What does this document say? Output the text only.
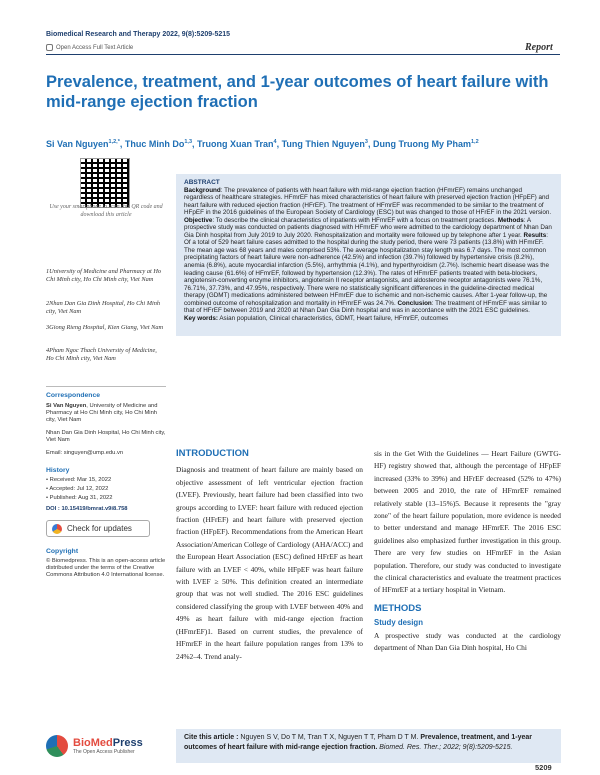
Biomedical Research and Therapy 2022, 9(8):5209-5215
Open Access Full Text Article	Report
Prevalence, treatment, and 1-year outcomes of heart failure with mid-range ejection fraction
Si Van Nguyen$^{1,2,*}$, Thuc Minh Do$^{1,3}$, Truong Xuan Tran$^4$, Tung Thien Nguyen$^3$, Dung Truong My Pham$^{1,2}$
Use your smartphone to scan this QR code and download this article
ABSTRACT
Background: The prevalence of patients with heart failure with mid-range ejection fraction (HFmrEF) remains unchanged regardless of healthcare strategies. HFmrEF has mixed characteristics of heart failure with preserved ejection fraction (HFpEF) and heart failure with reduced ejection fraction (HFrEF). The treatment of HFmrEF was recommended to be similar to the treatment of HFpEF in the 2016 guidelines of the European Society of Cardiology (ESC) but was changed to those of HFrEF in the 2021 version. Objective: To describe the clinical characteristics of inpatients with HFmrEF with a focus on treatment practices. Methods: A prospective study was conducted on patients diagnosed with HFmrEF who were admitted to the cardiology department of Nhan Dan Gia Dinh hospital from July 2019 to July 2020. Rehospitalization and mortality were followed up by telephone after 1 year. Results: Of a total of 529 heart failure cases admitted to the hospital during the study period, there were 73 patients (13.8%) with HFmrEF. The mean age was 68 years and males comprised 53%. The average hospitalization stay length was 6.7 days. The most common precipitating factors of heart failure were non-adherence (42.5%) and infection (39.7%) followed by hypertensive crisis (8.2%), anemia (6.8%), acute myocardial infarction (5.5%), arrhythmia (4.1%), and hyperthyroidism (2.7%). Ischemic heart disease was the leading cause (61.6%) of HFmrEF, followed by hypertension (12.3%). The rates of HFmrEF patients treated with beta-blockers, angiotensin-converting enzyme inhibitors, angiotensin II receptor antagonists, and aldosterone receptor antagonists were 76.1%, 76.71%, 37.73%, and 47.95%, respectively. There were no statistically significant differences in the guideline-directed medical therapy (GDMT) medications administered between HFmrEF due to ischemic and non-ischemic causes. After 1-year follow-up, the combined outcome of rehospitalization and mortality in HFmrEF was 24.7%. Conclusion: The treatment of HFmrEF was similar to that of HFrEF between 2019 and 2020 at Nhan Dan Gia Dinh hospital and was in accordance with the 2021 ESC guidelines.
Key words: Asian population, Clinical characteristics, GDMT, Heart failure, HFmrEF, outcomes
1University of Medicine and Pharmacy at Ho Chi Minh city, Ho Chi Minh city, Viet Nam
2Nhan Dan Gia Dinh Hospital, Ho Chi Minh city, Viet Nam
3Giong Rieng Hospital, Kien Giang, Viet Nam
4Pham Ngoc Thach University of Medicine, Ho Chi Minh city, Viet Nam
Correspondence
Si Van Nguyen, University of Medicine and Pharmacy at Ho Chi Minh city, Ho Chi Minh city, Viet Nam
Nhan Dan Gia Dinh Hospital, Ho Chi Minh city, Viet Nam
Email: singuyen@ump.edu.vn
History
• Received: Mar 15, 2022
• Accepted: Jul 12, 2022
• Published: Aug 31, 2022
DOI : 10.15419/bmrat.v9i8.758
Check for updates
Copyright
© Biomedpress. This is an open-access article distributed under the terms of the Creative Commons Attribution 4.0 International license.
INTRODUCTION
Diagnosis and treatment of heart failure are mainly based on objective assessment of left ventricular ejection fraction (LVEF). Previously, heart failure had been classified into two groups according to LVEF: heart failure with reduced ejection fraction (HFrEF) and heart failure with preserved ejection fraction (HFpEF). Recommendations from the American Heart Association/American College of Cardiology (AHA/ACC) and the European Heart Association (ESC) defined HFrEF as heart failure with an LVEF < 40%, while HFpEF was heart failure with LVEF ≥ 50%. This definition created an intermediate group that was not well studied. The 2016 ESC guidelines considered classifying the group with LVEF between 40% and 49% as heart failure with mid-range ejection fraction (HFmrEF)1. Based on current studies, the prevalence of HFmrEF in the heart failure population ranges from 13% to 24%2–4. Trend analy-
sis in the Get With the Guidelines — Heart Failure (GWTG-HF) registry showed that, although the percentage of HFpEF increased (33% to 39%) and HFrEF decreased (52% to 47%) between 2005 and 2010, the rate of HFmrEF remained relatively stable (13–15%)5. Because it represents the "gray zone" of the heart failure population, more evidence is needed to better understand and manage HFmrEF. The 2016 ESC guidelines also emphasized further investigation in this group. There are very few studies on HFmrEF in the Asian population. Therefore, our study was conducted to investigate the clinical characteristics and evaluate the treatment practices of HFmrEF at a tertiary hospital in Vietnam.
METHODS
Study design
A prospective study was conducted at the cardiology department of Nhan Dan Gia Dinh hospital, Ho Chi
BioMedPress
The Open Access Publisher
Cite this article : Nguyen S V, Do T M, Tran T X, Nguyen T T, Pham D T M. Prevalence, treatment, and 1-year outcomes of heart failure with mid-range ejection fraction. Biomed. Res. Ther.; 2022; 9(8):5209-5215.
5209
